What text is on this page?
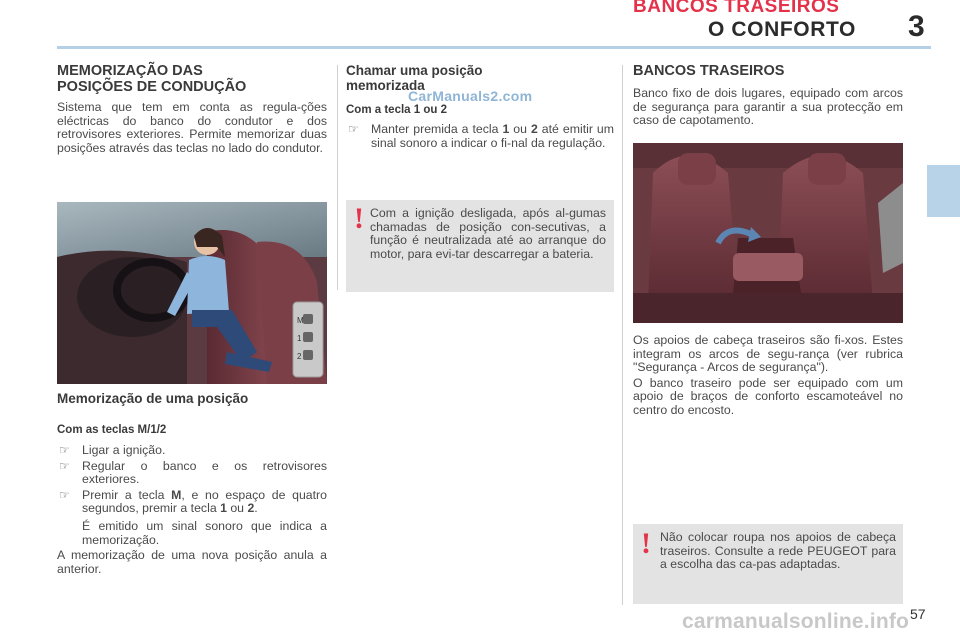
BANCOS TRASEIROS
O CONFORTO 3
MEMORIZAÇÃO DAS
POSIÇÕES DE CONDUÇÃO
Sistema que tem em conta as regula-ções eléctricas do banco do condutor e dos retrovisores exteriores. Permite memorizar duas posições através das teclas no lado do condutor.
M
1
2
Memorização de uma posição
Com as teclas M/1/2
☞ Ligar a ignição.
☞ Regular o banco e os retrovisores exteriores.
☞ Premir a tecla M, e no espaço de quatro segundos, premir a tecla 1 ou 2.
É emitido um sinal sonoro que indica a memorização.
A memorização de uma nova posição anula a anterior.
Chamar uma posição
memorizada
CarManuals2.com
Com a tecla 1 ou 2
☞ Manter premida a tecla 1 ou 2 até emitir um sinal sonoro a indicar o fi-nal da regulação.
! Com a ignição desligada, após al-gumas chamadas de posição con-secutivas, a função é neutralizada até ao arranque do motor, para evi-tar descarregar a bateria.
BANCOS TRASEIROS
Banco fixo de dois lugares, equipado com arcos de segurança para garantir a sua protecção em caso de capotamento.

Os apoios de cabeça traseiros são fi-xos. Estes integram os arcos de segu-rança (ver rubrica "Segurança - Arcos de segurança").

O banco traseiro pode ser equipado com um apoio de braços de conforto escamoteável no centro do encosto.

! Não colocar roupa nos apoios de cabeça traseiros. Consulte a rede PEUGEOT para a escolha das ca-pas adaptadas.
57
carmanualsonline.info
